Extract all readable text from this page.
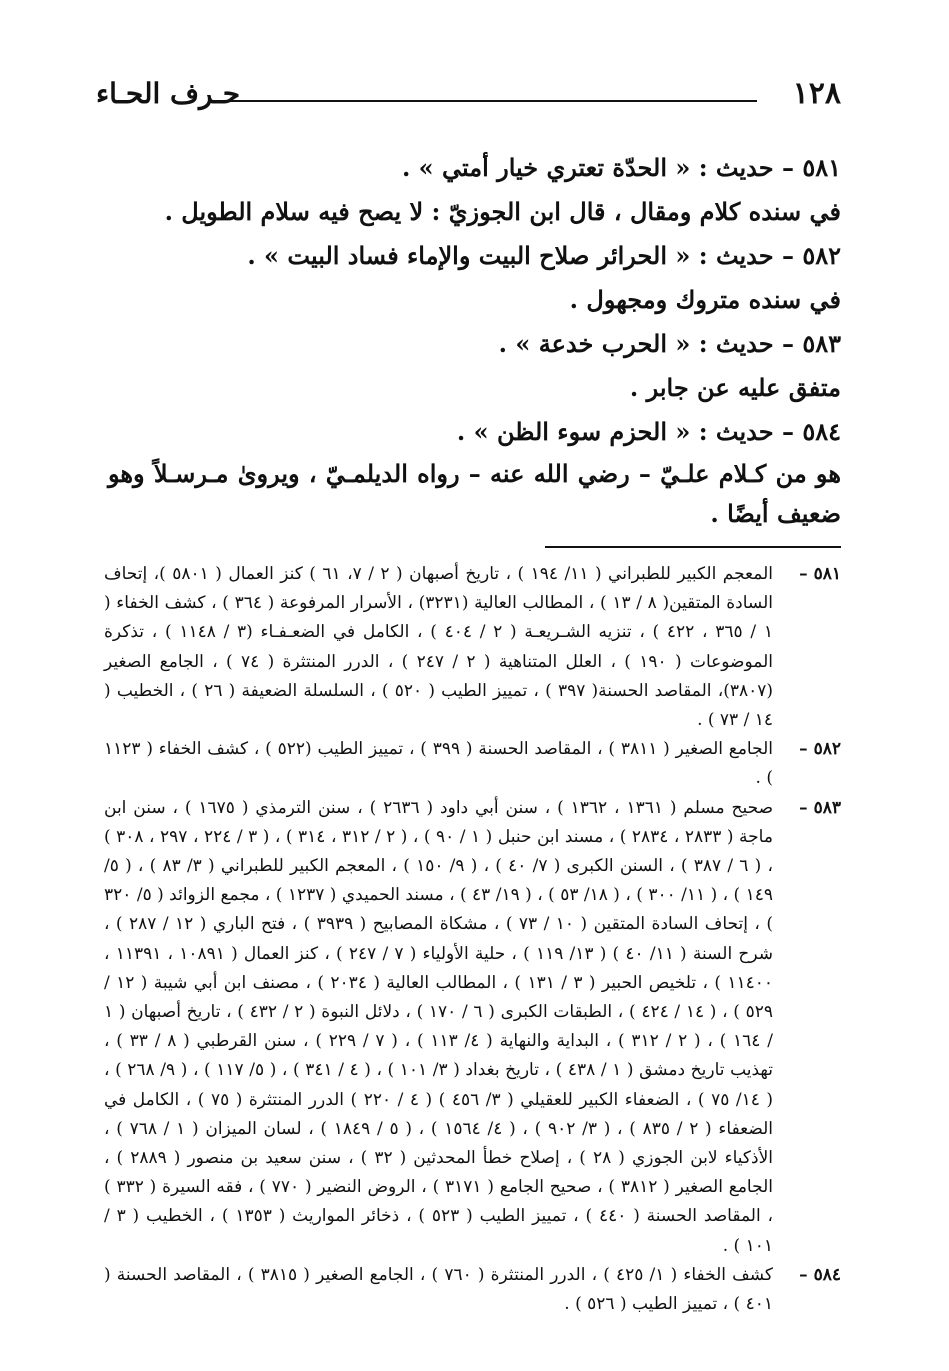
١٢٨
حـرف الحـاء

٥٨١ – حديث : « الحدّة تعتري خيار أمتي » .

في سنده كلام ومقال ، قال ابن الجوزيّ : لا يصح فيه سلام الطويل .

٥٨٢ – حديث : « الحرائر صلاح البيت والإماء فساد البيت » .

في سنده متروك ومجهول .

٥٨٣ – حديث : « الحرب خدعة » .

متفق عليه عن جابر .

٥٨٤ – حديث : « الحزم سوء الظن » .

هو من كـلام علـيّ – رضي الله عنه – رواه الديلمـيّ ، ويروىٰ مـرسـلاً وهو ضعيف أيضًا .

٥٨١ –
المعجم الكبير للطبراني ( ١١/ ١٩٤ ) ، تاريخ أصبهان ( ٢ / ٧، ٦١ ) كنز العمال ( ٥٨٠١ )، إتحاف السادة المتقين( ٨ / ١٣ ) ، المطالب العالية (٣٢٣١) ، الأسرار المرفوعة ( ٣٦٤ ) ، كشف الخفاء ( ١ / ٣٦٥ ، ٤٢٢ ) ، تنزيه الشـريعـة ( ٢ / ٤٠٤ ) ، الكامل في الضعـفـاء (٣ / ١١٤٨ ) ، تذكرة الموضوعات ( ١٩٠ ) ، العلل المتناهية ( ٢ / ٢٤٧ ) ، الدرر المنتثرة ( ٧٤ ) ، الجامع الصغير (٣٨٠٧)، المقاصد الحسنة( ٣٩٧ ) ، تمييز الطيب ( ٥٢٠ ) ، السلسلة الضعيفة ( ٢٦ ) ، الخطيب ( ١٤ / ٧٣ ) .

٥٨٢ –
الجامع الصغير ( ٣٨١١ ) ، المقاصد الحسنة ( ٣٩٩ ) ، تمييز الطيب (٥٢٢ ) ، كشف الخفاء ( ١١٢٣ ) .

٥٨٣ –
صحيح مسلم ( ١٣٦١ ، ١٣٦٢ ) ، سنن أبي داود ( ٢٦٣٦ ) ، سنن الترمذي ( ١٦٧٥ ) ، سنن ابن ماجة ( ٢٨٣٣ ، ٢٨٣٤ ) ، مسند ابن حنبل ( ١ / ٩٠ ) ، ( ٢ / ٣١٢ ، ٣١٤ ) ، ( ٣ / ٢٢٤ ، ٢٩٧ ، ٣٠٨ ) ، ( ٦ / ٣٨٧ ) ، السنن الكبرى ( ٧/ ٤٠ ) ، ( ٩/ ١٥٠ ) ، المعجم الكبير للطبراني ( ٣/ ٨٣ ) ، ( ٥/ ١٤٩ ) ، ( ١١/ ٣٠٠ ) ، ( ١٨/ ٥٣ ) ، ( ١٩/ ٤٣ ) ، مسند الحميدي ( ١٢٣٧ ) ، مجمع الزوائد ( ٥/ ٣٢٠ ) ، إتحاف السادة المتقين ( ١٠ / ٧٣ ) ، مشكاة المصابيح ( ٣٩٣٩ ) ، فتح الباري ( ١٢ / ٢٨٧ ) ، شرح السنة ( ١١/ ٤٠ ) ( ١٣/ ١١٩ ) ، حلية الأولياء ( ٧ / ٢٤٧ ) ، كنز العمال ( ١٠٨٩١ ، ١١٣٩١ ، ١١٤٠٠ ) ، تلخيص الحبير ( ٣ / ١٣١ ) ، المطالب العالية ( ٢٠٣٤ ) ، مصنف ابن أبي شيبة ( ١٢ / ٥٢٩ ) ، ( ١٤ / ٤٢٤ ) ، الطبقات الكبرى ( ٦ / ١٧٠ ) ، دلائل النبوة ( ٢ / ٤٣٢ ) ، تاريخ أصبهان ( ١ / ١٦٤ ) ، ( ٢ / ٣١٢ ) ، البداية والنهاية ( ٤/ ١١٣ ) ، ( ٧ / ٢٢٩ ) ، سنن القرطبي ( ٨ / ٣٣ ) ، تهذيب تاريخ دمشق ( ١ / ٤٣٨ ) ، تاريخ بغداد ( ٣/ ١٠١ ) ، ( ٤ / ٣٤١ ) ، ( ٥/ ١١٧ ) ، ( ٩/ ٢٦٨ ) ، ( ١٤/ ٧٥ ) ، الضعفاء الكبير للعقيلي ( ٣/ ٤٥٦ ) ( ٤ / ٢٢٠ ) الدرر المنتثرة ( ٧٥ ) ، الكامل في الضعفاء ( ٢ / ٨٣٥ ) ، ( ٣/ ٩٠٢ ) ، ( ٤/ ١٥٦٤ ) ، ( ٥ / ١٨٤٩ ) ، لسان الميزان ( ١ / ٧٦٨ ) ، الأذكياء لابن الجوزي ( ٢٨ ) ، إصلاح خطأ المحدثين ( ٣٢ ) ، سنن سعيد بن منصور ( ٢٨٨٩ ) ، الجامع الصغير ( ٣٨١٢ ) ، صحيح الجامع ( ٣١٧١ ) ، الروض النضير ( ٧٧٠ ) ، فقه السيرة ( ٣٣٢ ) ، المقاصد الحسنة ( ٤٤٠ ) ، تمييز الطيب ( ٥٢٣ ) ، ذخائر المواريث ( ١٣٥٣ ) ، الخطيب ( ٣ / ١٠١ ) .

٥٨٤ –
كشف الخفاء ( ١/ ٤٢٥ ) ، الدرر المنتثرة ( ٧٦٠ ) ، الجامع الصغير ( ٣٨١٥ ) ، المقاصد الحسنة ( ٤٠١ ) ، تمييز الطيب ( ٥٢٦ ) .
